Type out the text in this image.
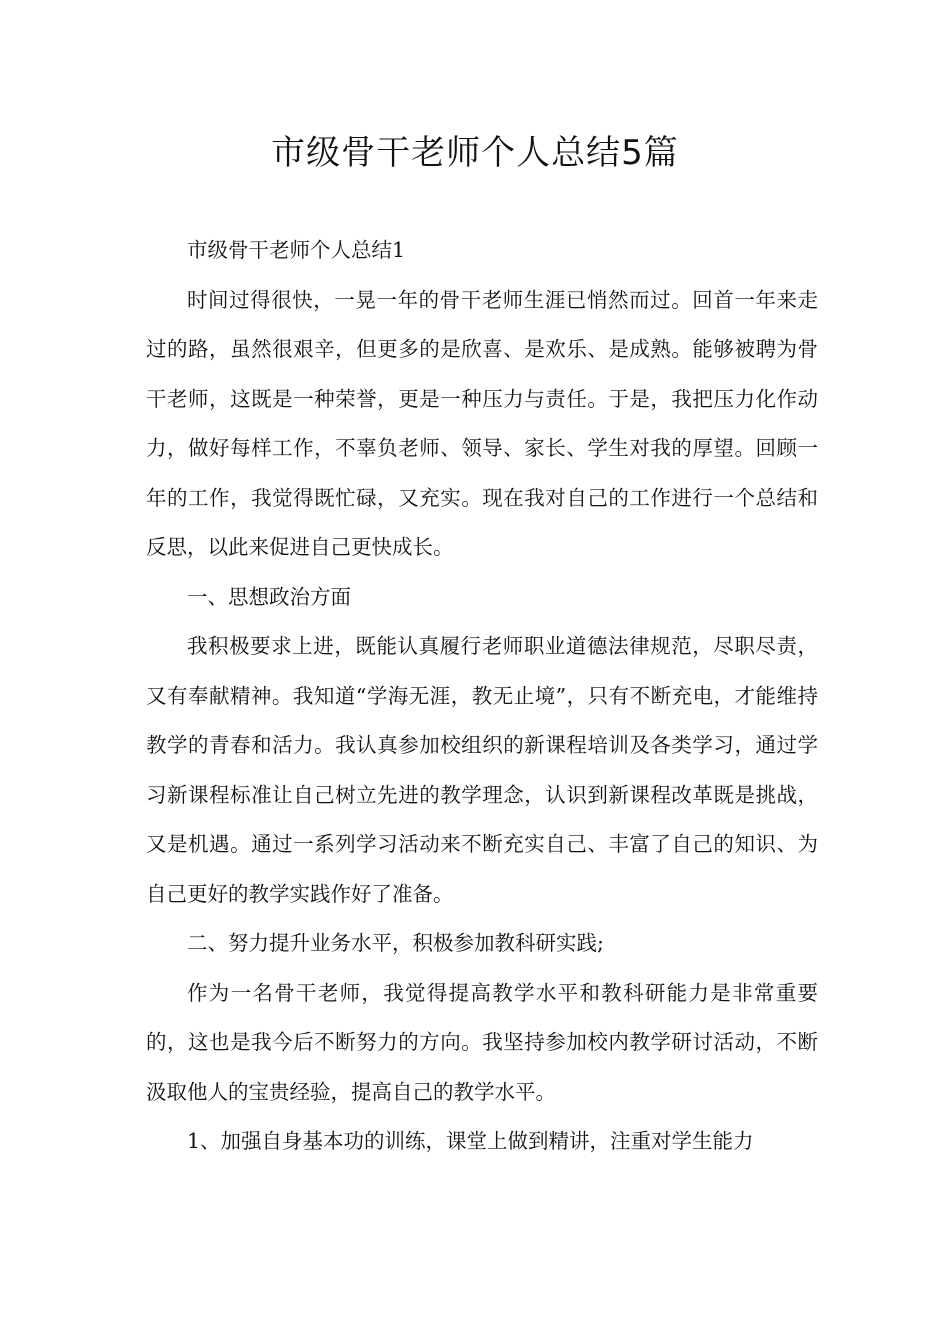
市级骨干老师个人总结5篇

市级骨干老师个人总结1

时间过得很快，一晃一年的骨干老师生涯已悄然而过。回首一年来走过的路，虽然很艰辛，但更多的是欣喜、是欢乐、是成熟。能够被聘为骨干老师，这既是一种荣誉，更是一种压力与责任。于是，我把压力化作动力，做好每样工作，不辜负老师、领导、家长、学生对我的厚望。回顾一年的工作，我觉得既忙碌，又充实。现在我对自己的工作进行一个总结和反思，以此来促进自己更快成长。

一、思想政治方面

我积极要求上进，既能认真履行老师职业道德法律规范，尽职尽责，又有奉献精神。我知道“学海无涯，教无止境”，只有不断充电，才能维持教学的青春和活力。我认真参加校组织的新课程培训及各类学习，通过学习新课程标准让自己树立先进的教学理念，认识到新课程改革既是挑战，又是机遇。通过一系列学习活动来不断充实自己、丰富了自己的知识、为自己更好的教学实践作好了准备。

二、努力提升业务水平，积极参加教科研实践;

作为一名骨干老师，我觉得提高教学水平和教科研能力是非常重要的，这也是我今后不断努力的方向。我坚持参加校内教学研讨活动，不断汲取他人的宝贵经验，提高自己的教学水平。

1、加强自身基本功的训练，课堂上做到精讲，注重对学生能力
